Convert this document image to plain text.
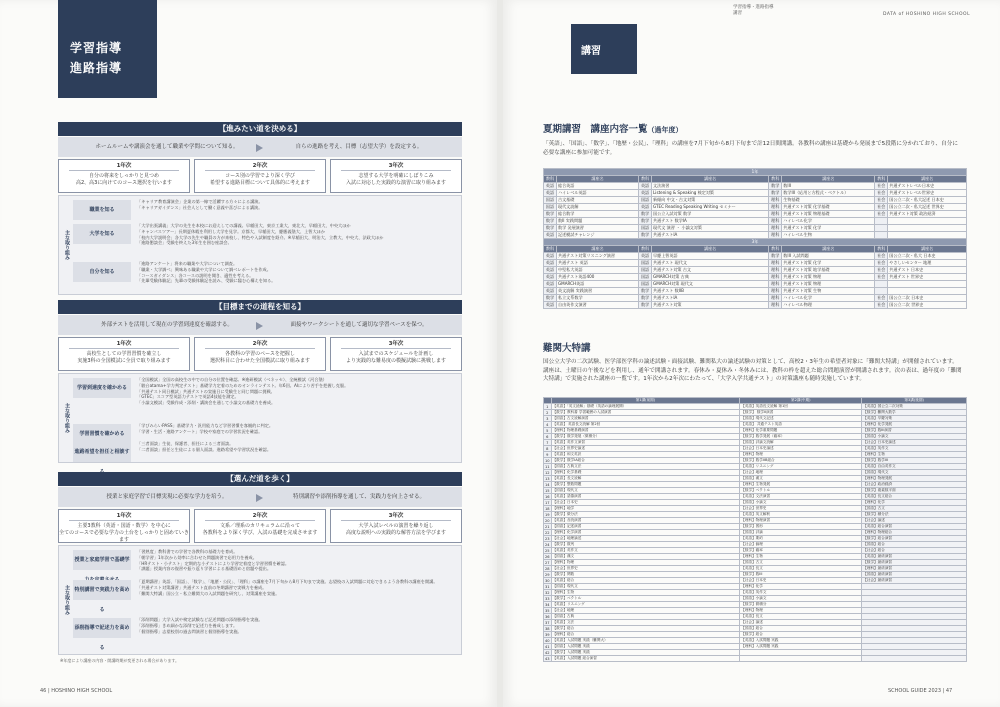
学習指導
進路指導
【進みたい道を決める】
ホームルームや講演会を通して職業や学問について知る。	自らの進路を考え、目標（志望大学）を設定する。
1年次
自分の将来をしっかりと見つめ
高2、高3に向けてのコース選択を行います
2年次
コース別の学習でより深く学び
希望する進路目標について具体的に考えます
3年次
志望する大学を明確にしぼりこみ
入試に対応した実践的な演習に取り組みます
主な取り組み
職業を知る
「キャリア教育講演会」企業の第一線で活躍する方々による講演。
「キャリアガイダンス」社会人として働く意義や喜びによる講演。
大学を知る
「大学出張講義」大学の先生を本校にお迎えしての講義。早稲田大、東京工業大、東北大、早稲田大、中央大ほか
「キャンパスツアー」長期夏休暇を利用し大学を見学。京都大、早稲田大、慶應義塾大、上智大ほか
「校内大学説明会」各大学の先生や職員の方が来校し、特色や入試制度を紹介。※早稲田大、明治大、立教大、中央大、法政大ほか
「進路懇談会」受験を終えた3年生を囲む座談会。
自分を知る
「進路アンケート」将来の職業や大学について調査。
「職業・大学調べ」興味ある職業や大学について調べレポートを作成。
「コースガイダンス」各コースの説明を聞き、適性を考える。
「先輩受験体験記」先輩の受験体験記を読み、受験に臨む心構えを知る。
【目標までの道程を知る】
外部テストを活用して現在の学習到達度を確認する。	面接やワークシートを通して適切な学習ペースを保つ。
1年次
高校生としての学習習慣を確立し
実施3科の全国模試に全員で取り組みます
2年次
各教科の学習のペースを把握し
選択科目に合わせた全国模試に取り組みます
3年次
入試までのスケジュールを計画し
より実践的な難易度の模擬試験に挑戦します
主な取り組み
学習到達度を確かめる
「全国模試」全国の高校生の中での自分の位置を確認。※進研模試（ベネッセ）、全統模試（河合塾）
「駿台atama+学力判定テスト」基礎学力定着のためのオンラインテスト。年6回。AIにより苦手を把握し克服。
「共通テスト同日模試」共通テストの実施日に受験生と同じ問題に挑戦。
「GTEC」スコア型英語力テストで英語4技能を測定。
「小論文模試」受験作成・添削・講演会を通して小論文の基礎力を養成。
学習習慣を確かめる
「学びみらいPASS」基礎学力・汎用能力など学習習慣を客観的に判定。
「学習・生活・進路アンケート」学校や家庭での学習状況を確認。
進路希望を担任と相談す
「三者面談」生徒、保護者、担任による三者面談。
「二者面談」担任と生徒による個人面談。進路希望や学習状況を確認。
【選んだ道を歩く】
授業と家庭学習で目標実現に必要な学力を培う。	特別講習や添削指導を通して、実践力を向上させる。
1年次
主要3教科（英語・国語・数学）を中心に
全てのコースで必要な学力の土台をしっかりと固めていきます
2年次
文系／理系のカリキュラムに沿って
各教科をより深く学び、入試の基礎を完成させます
3年次
大学入試レベルの演習を繰り返し
高度な説明への実践的な解答方法を学びます
主な取り組み
授業と家庭学習で基礎学
「習熟度」教科書での学習で各教科の基礎力を育成。
「朝学習」1年次から効率に合わせた問題演習で応用力を養成。
「HRテスト・小テスト」定期的な小テストにより学習定着度と学習習慣を確認。
「課題」授業内容の復習や振り返り学習による基礎固めと宿題や提出。
特別講習で実践力を高める
「夏期講習」英語、「国語」、「数学」、「地歴・公民」、「理科」の講座を7月下旬から8月下旬まで実施。志望校の入試問題に対応できるよう各教科の講座を開講。
「共通テスト対策講習」共通テスト直前の冬期講習で実戦力を養成。
「難関大特講」国公立・私立難関大の入試問題を研究し、対策講座を実施。
添削指導で記述力を高める
「添削問題」大学入試や検定試験など記述問題の添削指導を実施。
「添削指導」きめ細かな添削で記述力を養成します。
「個別指導」志望校別の過去問演習と個別指導を実施。
※年度により講座の内容・開講時期が変更される場合があります。
46 | HOSHINO HIGH SCHOOL
学習指導・進路指導
講習	DATA of HOSHINO HIGH SCHOOL
講習
夏期講習　講座内容一覧（過年度）
「英語」、「国語」、「数学」、「地歴・公民」、「理科」の講座を7月下旬から8月下旬まで計12日間開講。各教科の講座は基礎から発展まで5段階に分かれており、自分に必要な講座に参加可能です。
1年							
教科	講座名	教科	講座名	教科	講座名	教科	講座名
英語	総合英語	英語	文法演習	数学	数III	社会	共通テストレベル日本史
英語	ハイレベル英語	英語	Listening & Speaking 検定対策	数学	数学III（応用と方程式・ベクトル）	社会	共通テストレベル世界史
国語	古文基礎	国語	新傾向 中文・古文対策	理科	生物基礎	社会	国公立二次・私大記述 日本史
国語	現代文読解	英語	GTEC Reading Speaking Writing セミナー	理科	共通テスト対策 化学基礎	社会	国公立二次・私大記述 世界史
数学	総合数学	数学	国公立入試対策 数学	理科	共通テスト対策 物理基礎	社会	共通テスト対策 政治経済
数学	数II 実践問題	数学	共通テスト 数学IA	理科	ハイレベル化学		
数学	数学 発展演習	国語	現代文 演習 ・ 小論文対策	理科	共通テスト対策 化学		
英語	記述模試チャレンジ	数学	共通テストIA	理科	ハイレベル生物		
3年							
教科	講座名	教科	講座名	教科	講座名	教科	講座名
英語	共通テスト対策リスニング演習	英語	早慶上智英語	数学	数III 入試問題	社会	国公立二次・私大 日本史
英語	共通テスト 英語	国語	共通テスト 現代文	理科	共通テスト対策 化学	社会	やさしいセンター 地理
英語	中堅私大英語	国語	共通テスト対策 古文	理科	共通テスト対策 地学基礎	社会	共通テスト 日本史
英語	共通テスト英語400	国語	GMARCH対策 古典	理科	共通テスト対策 物理	社会	共通テスト 世界史
英語	GMARCH英語	国語	GMARCH対策 現代文	理科	共通テスト対策 物理		
英語	英文読解 実践演習	数学	共通テスト 数IIB	理科	共通テスト対策 生物		
数学	私立文系数学	数学	共通テストIA	理科	ハイレベル化学	社会	国公立二次 日本史
英語	自由英作文演習	数学	共通テスト対策	理科	ハイレベル物理	社会	国公立二次 世界史
難関大特講
国公立大学の二次試験、医学部医学科の論述試験・面接試験、難関私大の論述試験の対策として、高校2・3年生の希望者対象に「難関大特講」が開催されています。講座は、土曜日の午後などを利用し、通年で開講されます。春休み・夏休み・冬休みには、教科の枠を超えた総合問題演習が開講されます。次の表は、過年度の「難関大特講」で実施された講座の一覧です。1年次から2年次にわたって、「大学入学共通テスト」の対策講座も随時実施しています。
	第1講(前期)	第2講(中期)	第3講(後期)
1	【英語】「英文読解」基礎（英語の論理展開）	【英語】英語長文読解 第1回	【英語】国公立二次対策
2	【数学】教科書 学習範囲の入試演習	【数学】 数学II演習	【数学】難関大数学
3	【国語】古文読解演習	【国語】現代文記述	【英語】早慶対策
4	【英語】 英語長文読解 第2回	【英語】 共通テスト英語	【理科】化学発展
5	【理科】物理基礎演習	【理科】化学重要問題	【数学】数III演習
6	【数学】数学発展（微積分）	【数学】数学発展（確率）	【国語】小論文
7	【英語】英作文演習	【国語】評論文読解	【社会】日本史論述
8	【社会】世界史論述	【社会】日本史論述	【英語】英作文
9	【英語】和文英訳	【理科】物理	【理科】生物
10	【数学】数学IA総合	【数学】数学IIB総合	【数学】数学III
11	【国語】古典文法	【英語】リスニング	【英語】自由英作文
12	【理科】化学基礎	【社会】地理	【国語】現代文
13	【英語】長文読解	【国語】漢文	【理科】物理発展
14	【数学】整数問題	【理科】生物発展	【社会】政治経済
15	【国語】現代文	【数学】ベクトル	【数学】複素数平面
16	【英語】語彙演習	【英語】文法演習	【英語】長文総合
17	【社会】日本史	【国語】小論文	【理科】化学
18	【理科】地学	【社会】世界史	【国語】古文
19	【数学】微分法	【英語】英文解釈	【数学】積分法
20	【英語】音読演習	【理科】物理演習	【社会】論述
21	【国語】記述演習	【数学】図形	【英語】総合演習
22	【理科】化学演習	【国語】評論	【理科】物理総合
23	【社会】地理論述	【英語】要約	【数学】総合演習
24	【数学】数列	【社会】倫理	【国語】総合
25	【英語】英作文	【数学】確率	【社会】総合
26	【国語】漢文	【理科】生物	【英語】最終演習
27	【理科】物理	【国語】古文	【数学】最終演習
28	【社会】世界史	【英語】長文	【理科】最終演習
29	【数学】関数	【数学】数III	【国語】最終演習
30	【英語】総合	【社会】日本史	【社会】最終演習
31	【国語】現代文	【理科】化学	
32	【理科】生物	【英語】英作文	
33	【数学】ベクトル	【国語】小論文	
34	【英語】リスニング	【数学】微積分	
35	【社会】地理	【理科】物理	
36	【国語】古典	【英語】長文	
37	【英語】文法	【社会】論述	
38	【数学】総合	【国語】総合	
39	【理科】総合	【数学】総合	
40	【英語】入試問題 実践（難関大）	【英語】入試問題 実践	
41	【国語】入試問題 実践	【理科】入試問題 実践	
42	【数学】入試問題 実践		
43	【英語】入試問題 総合演習		
SCHOOL GUIDE 2023 | 47
